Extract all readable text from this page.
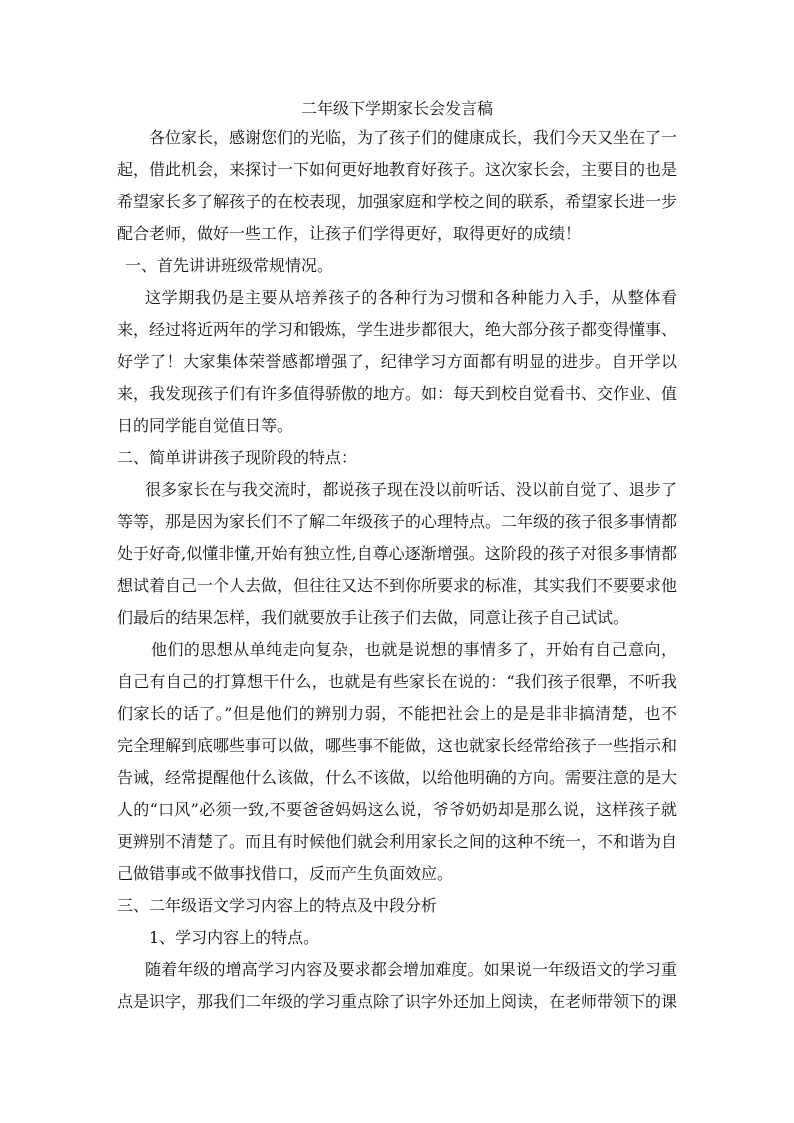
二年级下学期家长会发言稿

各位家长，感谢您们的光临，为了孩子们的健康成长，我们今天又坐在了一起，借此机会，来探讨一下如何更好地教育好孩子。这次家长会，主要目的也是希望家长多了解孩子的在校表现，加强家庭和学校之间的联系，希望家长进一步配合老师，做好一些工作，让孩子们学得更好，取得更好的成绩！

一、首先讲讲班级常规情况。

这学期我仍是主要从培养孩子的各种行为习惯和各种能力入手，从整体看来，经过将近两年的学习和锻炼，学生进步都很大，绝大部分孩子都变得懂事、好学了！大家集体荣誉感都增强了，纪律学习方面都有明显的进步。自开学以来，我发现孩子们有许多值得骄傲的地方。如：每天到校自觉看书、交作业、值日的同学能自觉值日等。

二、简单讲讲孩子现阶段的特点：

很多家长在与我交流时，都说孩子现在没以前听话、没以前自觉了、退步了等等，那是因为家长们不了解二年级孩子的心理特点。二年级的孩子很多事情都处于好奇,似懂非懂,开始有独立性,自尊心逐渐增强。这阶段的孩子对很多事情都想试着自己一个人去做，但往往又达不到你所要求的标准，其实我们不要要求他们最后的结果怎样，我们就要放手让孩子们去做，同意让孩子自己试试。

他们的思想从单纯走向复杂，也就是说想的事情多了，开始有自己意向，自己有自己的打算想干什么，也就是有些家长在说的：“我们孩子很犟，不听我们家长的话了。”但是他们的辨别力弱，不能把社会上的是是非非搞清楚，也不完全理解到底哪些事可以做，哪些事不能做，这也就家长经常给孩子一些指示和告诫，经常提醒他什么该做，什么不该做，以给他明确的方向。需要注意的是大人的“口风”必须一致,不要爸爸妈妈这么说，爷爷奶奶却是那么说，这样孩子就更辨别不清楚了。而且有时候他们就会利用家长之间的这种不统一，不和谐为自己做错事或不做事找借口，反而产生负面效应。

三、二年级语文学习内容上的特点及中段分析

1、学习内容上的特点。

随着年级的增高学习内容及要求都会增加难度。如果说一年级语文的学习重点是识字，那我们二年级的学习重点除了识字外还加上阅读，在老师带领下的课
